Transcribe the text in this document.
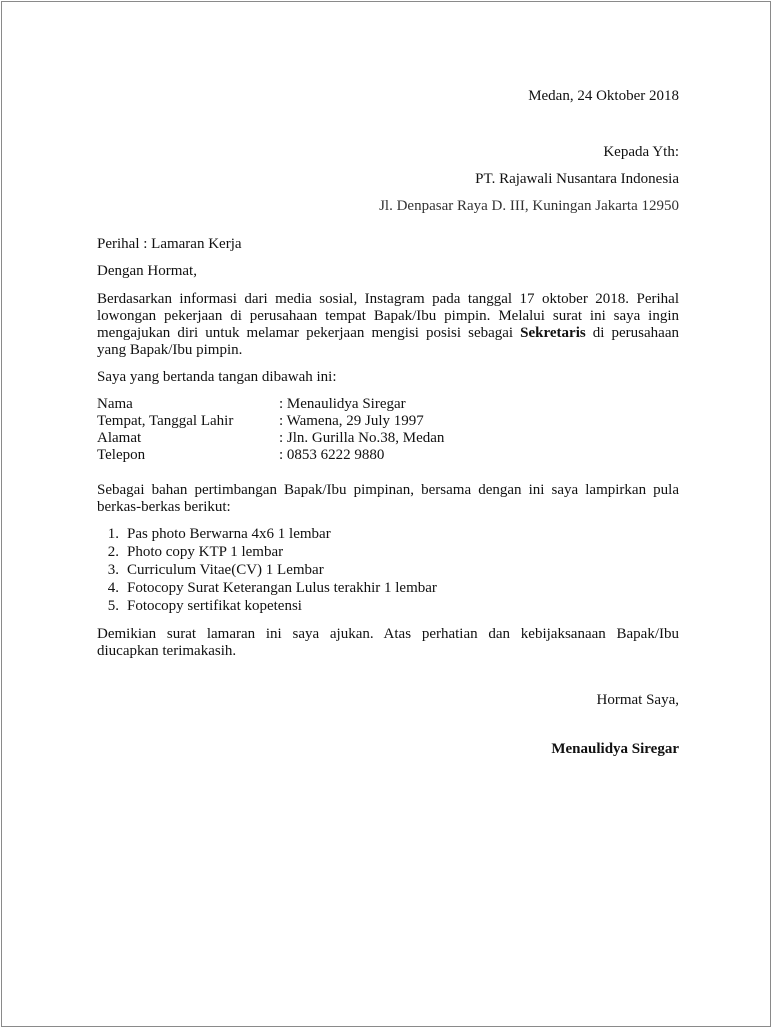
Medan, 24 Oktober 2018
Kepada Yth:
PT. Rajawali Nusantara Indonesia
Jl. Denpasar Raya D. III, Kuningan Jakarta 12950

Perihal : Lamaran Kerja

Dengan Hormat,

Berdasarkan informasi dari media sosial, Instagram pada tanggal 17 oktober 2018. Perihal
lowongan pekerjaan di perusahaan tempat Bapak/Ibu pimpin. Melalui surat ini saya ingin
mengajukan diri untuk melamar pekerjaan mengisi posisi sebagai Sekretaris di perusahaan
yang Bapak/Ibu pimpin.

Saya yang bertanda tangan dibawah ini:

Nama	: Menaulidya Siregar
Tempat, Tanggal Lahir	: Wamena, 29 July 1997
Alamat	: Jln. Gurilla No.38, Medan
Telepon	: 0853 6222 9880
Sebagai bahan pertimbangan Bapak/Ibu pimpinan, bersama dengan ini saya lampirkan pula
berkas-berkas berikut:
1. Pas photo Berwarna 4x6 1 lembar
2. Photo copy KTP 1 lembar
3. Curriculum Vitae(CV) 1 Lembar
4. Fotocopy Surat Keterangan Lulus terakhir 1 lembar
5. Fotocopy sertifikat kopetensi
Demikian surat lamaran ini saya ajukan. Atas perhatian dan kebijaksanaan Bapak/Ibu
diucapkan terimakasih.
Hormat Saya,
Menaulidya Siregar
